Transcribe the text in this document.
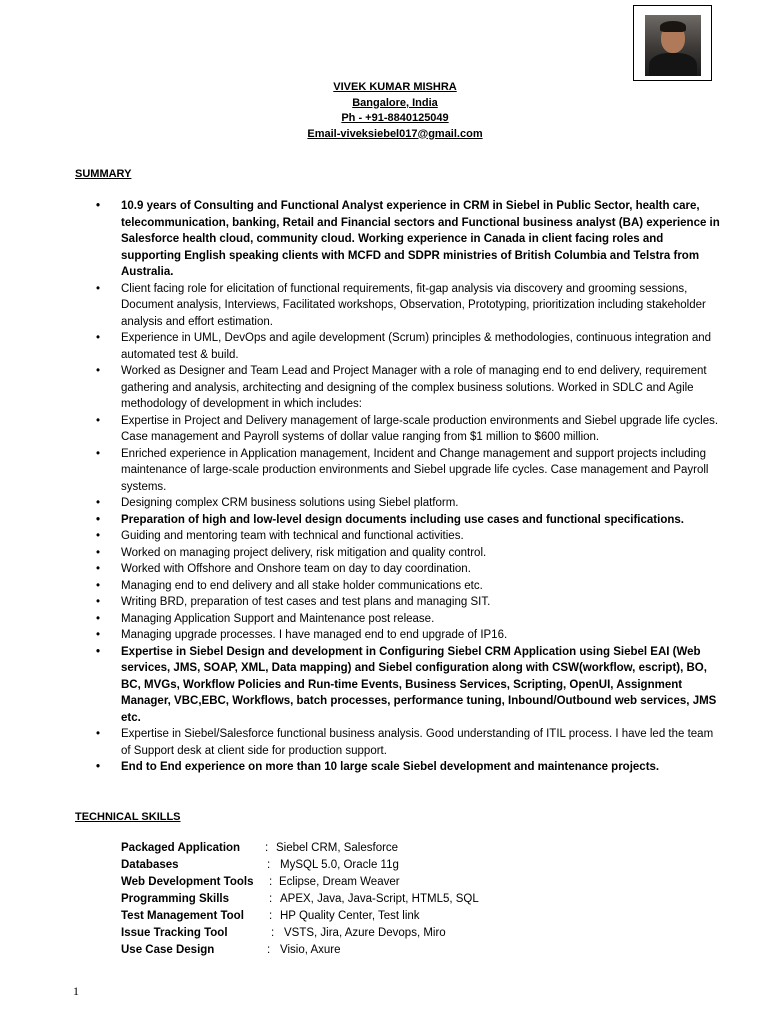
VIVEK KUMAR MISHRA
Bangalore, India
Ph - +91-8840125049
Email-viveksiebel017@gmail.com
SUMMARY
• 10.9 years of Consulting and Functional Analyst experience in CRM in Siebel in Public Sector, health care, telecommunication, banking, Retail and Financial sectors and Functional business analyst (BA) experience in Salesforce health cloud, community cloud. Working experience in Canada in client facing roles and supporting English speaking clients with MCFD and SDPR ministries of British Columbia and Telstra from Australia.
• Client facing role for elicitation of functional requirements, fit-gap analysis via discovery and grooming sessions, Document analysis, Interviews, Facilitated workshops, Observation, Prototyping, prioritization including stakeholder analysis and effort estimation.
• Experience in UML, DevOps and agile development (Scrum) principles & methodologies, continuous integration and automated test & build.
• Worked as Designer and Team Lead and Project Manager with a role of managing end to end delivery, requirement gathering and analysis, architecting and designing of the complex business solutions. Worked in SDLC and Agile methodology of development in which includes:
• Expertise in Project and Delivery management of large-scale production environments and Siebel upgrade life cycles. Case management and Payroll systems of dollar value ranging from $1 million to $600 million.
• Enriched experience in Application management, Incident and Change management and support projects including maintenance of large-scale production environments and Siebel upgrade life cycles. Case management and Payroll systems.
• Designing complex CRM business solutions using Siebel platform.
• Preparation of high and low-level design documents including use cases and functional specifications.
• Guiding and mentoring team with technical and functional activities.
• Worked on managing project delivery, risk mitigation and quality control.
• Worked with Offshore and Onshore team on day to day coordination.
• Managing end to end delivery and all stake holder communications etc.
• Writing BRD, preparation of test cases and test plans and managing SIT.
• Managing Application Support and Maintenance post release.
• Managing upgrade processes. I have managed end to end upgrade of IP16.
• Expertise in Siebel Design and development in Configuring Siebel CRM Application using Siebel EAI (Web services, JMS, SOAP, XML, Data mapping) and Siebel configuration along with CSW(workflow, escript), BO, BC, MVGs, Workflow Policies and Run-time Events, Business Services, Scripting, OpenUI, Assignment Manager, VBC,EBC, Workflows, batch processes, performance tuning, Inbound/Outbound web services, JMS etc.
• Expertise in Siebel/Salesforce functional business analysis. Good understanding of ITIL process. I have led the team of Support desk at client side for production support.
• End to End experience on more than 10 large scale Siebel development and maintenance projects.
TECHNICAL SKILLS
Packaged Application : Siebel CRM, Salesforce
Databases	: MySQL 5.0, Oracle 11g
Web Development Tools : Eclipse, Dream Weaver
Programming Skills	: APEX, Java, Java-Script, HTML5, SQL
Test Management Tool : HP Quality Center, Test link
Issue Tracking Tool	: VSTS, Jira, Azure Devops, Miro
Use Case Design	: Visio, Axure
1
